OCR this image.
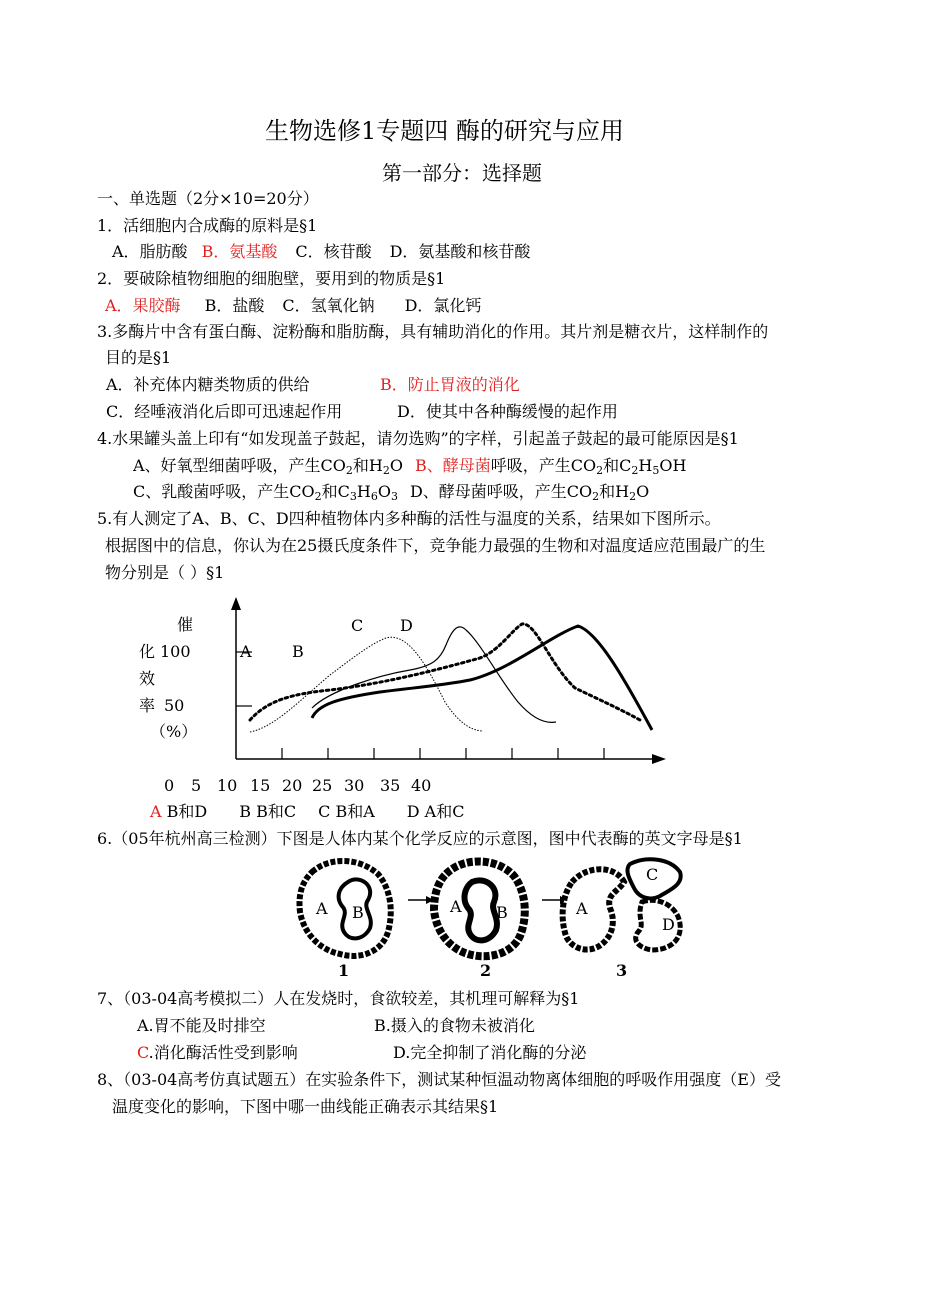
生物选修1专题四 酶的研究与应用
第一部分：选择题
一、单选题（2分×10=20分）
1．活细胞内合成酶的原料是§1
A．脂肪酸 B．氨基酸 C．核苷酸 D．氨基酸和核苷酸
2．要破除植物细胞的细胞壁，要用到的物质是§1
A．果胶酶 B．盐酸 C．氢氧化钠 D．氯化钙
3.多酶片中含有蛋白酶、淀粉酶和脂肪酶，具有辅助消化的作用。其片剂是糖衣片，这样制作的
目的是§1
A．补充体内糖类物质的供给	B．防止胃液的消化
C．经唾液消化后即可迅速起作用	D．使其中各种酶缓慢的起作用
4.水果罐头盖上印有“如发现盖子鼓起，请勿选购”的字样，引起盖子鼓起的最可能原因是§1
A、好氧型细菌呼吸，产生$CO_2$和$H_2O$ B、酵母菌呼吸，产生$CO_2$和$C_2H_5OH$
C、乳酸菌呼吸，产生$CO_2$和$C_3H_6O_3$ D、酵母菌呼吸，产生$CO_2$和$H_2O$
5.有人测定了A、B、C、D四种植物体内多种酶的活性与温度的关系，结果如下图所示。
根据图中的信息，你认为在25摄氏度条件下，竞争能力最强的生物和对温度适应范围最广的生
物分别是（ ）§1
催
化 100
效
率 50
（%）
A	B
C D
0 5 10 15 20 25 30 35 40
A B和D B B和C C B和A D A和C
6.（05年杭州高三检测）下图是人体内某个化学反应的示意图，图中代表酶的英文字母是§1
A B	A B	A
C
D
1	2	3
7、（03-04高考模拟二）人在发烧时，食欲较差，其机理可解释为§1
A.胃不能及时排空	B.摄入的食物未被消化
C.消化酶活性受到影响	D.完全抑制了消化酶的分泌
8、（03-04高考仿真试题五）在实验条件下，测试某种恒温动物离体细胞的呼吸作用强度（E）受
温度变化的影响，下图中哪一曲线能正确表示其结果§1
